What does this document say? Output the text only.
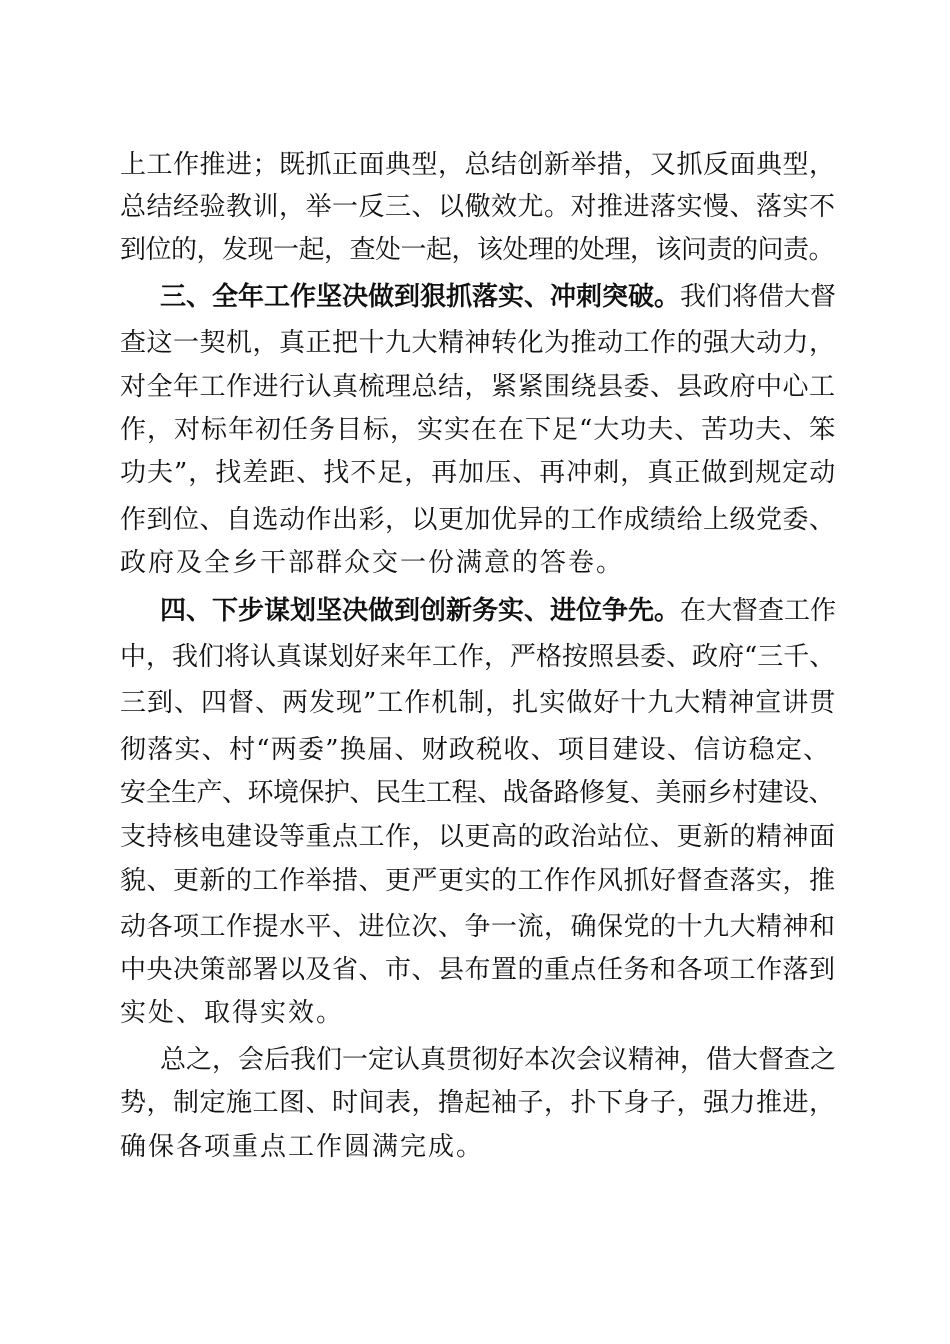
上工作推进；既抓正面典型，总结创新举措，又抓反面典型，
总结经验教训，举一反三、以儆效尤。对推进落实慢、落实不
到位的，发现一起，查处一起，该处理的处理，该问责的问责。
三、全年工作坚决做到狠抓落实、冲刺突破。我们将借大督
查这一契机，真正把十九大精神转化为推动工作的强大动力，
对全年工作进行认真梳理总结，紧紧围绕县委、县政府中心工
作，对标年初任务目标，实实在在下足“大功夫、苦功夫、笨
功夫”，找差距、找不足，再加压、再冲刺，真正做到规定动
作到位、自选动作出彩，以更加优异的工作成绩给上级党委、
政府及全乡干部群众交一份满意的答卷。
四、下步谋划坚决做到创新务实、进位争先。在大督查工作
中，我们将认真谋划好来年工作，严格按照县委、政府“三千、
三到、四督、两发现”工作机制，扎实做好十九大精神宣讲贯
彻落实、村“两委”换届、财政税收、项目建设、信访稳定、
安全生产、环境保护、民生工程、战备路修复、美丽乡村建设、
支持核电建设等重点工作，以更高的政治站位、更新的精神面
貌、更新的工作举措、更严更实的工作作风抓好督查落实，推
动各项工作提水平、进位次、争一流，确保党的十九大精神和
中央决策部署以及省、市、县布置的重点任务和各项工作落到
实处、取得实效。
总之，会后我们一定认真贯彻好本次会议精神，借大督查之
势，制定施工图、时间表，撸起袖子，扑下身子，强力推进，
确保各项重点工作圆满完成。
